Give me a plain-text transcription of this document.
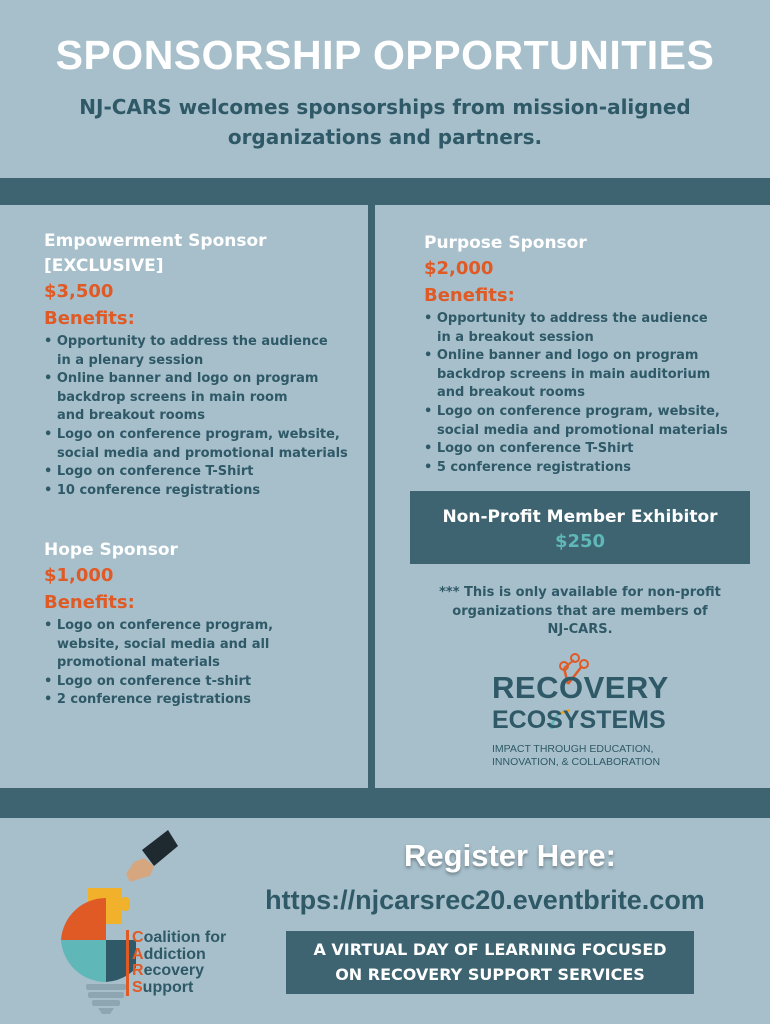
SPONSORSHIP OPPORTUNITIES
NJ-CARS welcomes sponsorships from mission-aligned organizations and partners.
Empowerment Sponsor
[EXCLUSIVE]
$3,500
Benefits:
• Opportunity to address the audience
in a plenary session
• Online banner and logo on program
backdrop screens in main room
and breakout rooms
• Logo on conference program, website,
social media and promotional materials
• Logo on conference T-Shirt
• 10 conference registrations
Purpose Sponsor
$2,000
Benefits:
• Opportunity to address the audience
in a breakout session
• Online banner and logo on program
backdrop screens in main auditorium
and breakout rooms
• Logo on conference program, website,
social media and promotional materials
• Logo on conference T-Shirt
• 5 conference registrations
Hope Sponsor
$1,000
Benefits:
• Logo on conference program,
website, social media and all
promotional materials
• Logo on conference t-shirt
• 2 conference registrations
Non-Profit Member Exhibitor
$250
*** This is only available for non-profit
organizations that are members of
NJ-CARS.
RECOVERY
ECOSYSTEMS
IMPACT THROUGH EDUCATION,
INNOVATION, & COLLABORATION
Coalition for
Addiction
Recovery
Support
Register Here:
https://njcarsrec20.eventbrite.com
A VIRTUAL DAY OF LEARNING FOCUSED
ON RECOVERY SUPPORT SERVICES
